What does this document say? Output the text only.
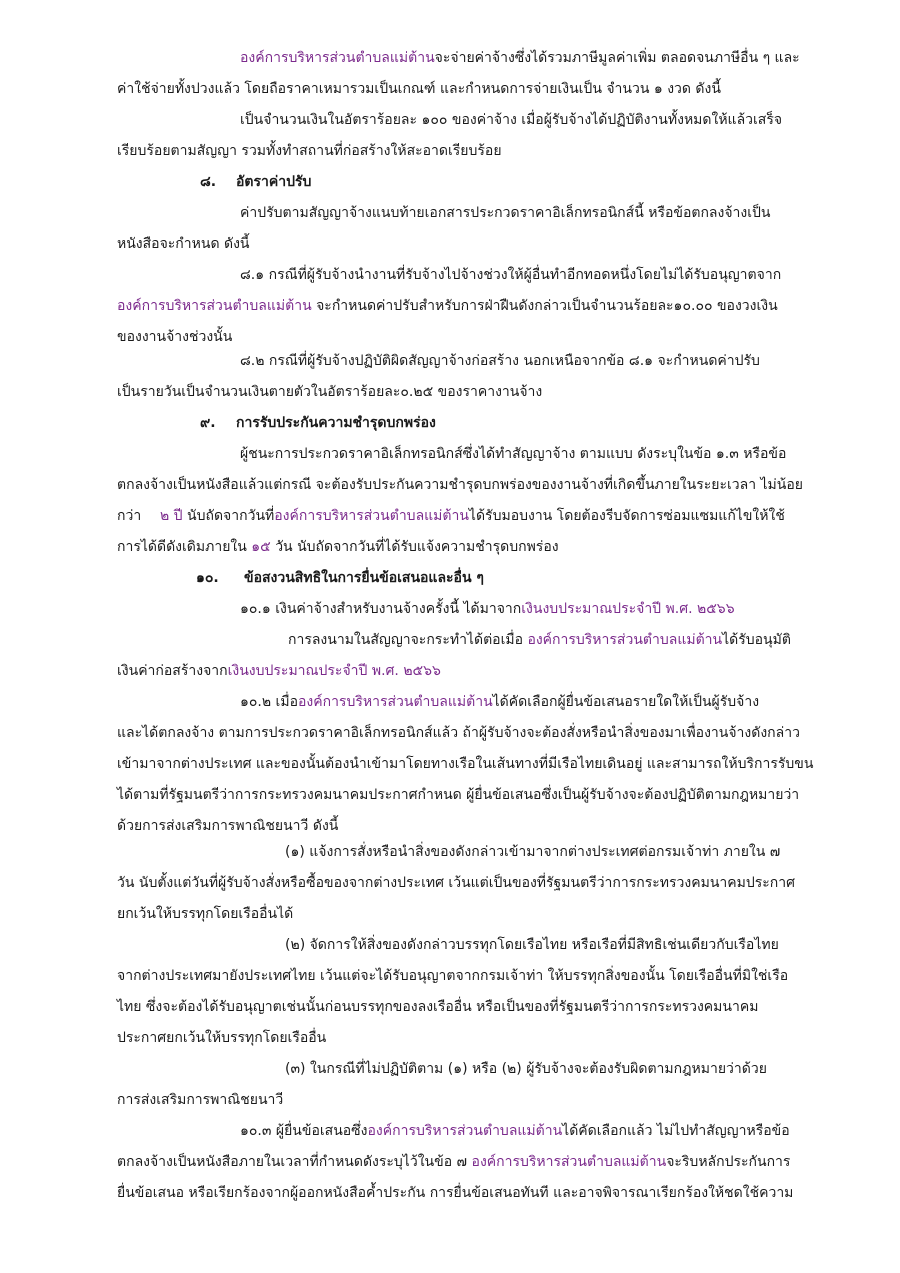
องค์การบริหารส่วนตำบลแม่ต้านจะจ่ายค่าจ้างซึ่งได้รวมภาษีมูลค่าเพิ่ม ตลอดจนภาษีอื่น ๆ และ

ค่าใช้จ่ายทั้งปวงแล้ว โดยถือราคาเหมารวมเป็นเกณฑ์ และกำหนดการจ่ายเงินเป็น จำนวน ๑ งวด ดังนี้

เป็นจำนวนเงินในอัตราร้อยละ ๑๐๐ ของค่าจ้าง เมื่อผู้รับจ้างได้ปฏิบัติงานทั้งหมดให้แล้วเสร็จ

เรียบร้อยตามสัญญา รวมทั้งทำสถานที่ก่อสร้างให้สะอาดเรียบร้อย

๘. อัตราค่าปรับ

ค่าปรับตามสัญญาจ้างแนบท้ายเอกสารประกวดราคาอิเล็กทรอนิกส์นี้ หรือข้อตกลงจ้างเป็น

หนังสือจะกำหนด ดังนี้

๘.๑ กรณีที่ผู้รับจ้างนำงานที่รับจ้างไปจ้างช่วงให้ผู้อื่นทำอีกทอดหนึ่งโดยไม่ได้รับอนุญาตจาก

องค์การบริหารส่วนตำบลแม่ต้าน จะกำหนดค่าปรับสำหรับการฝ่าฝืนดังกล่าวเป็นจำนวนร้อยละ๑๐.๐๐ ของวงเงิน

ของงานจ้างช่วงนั้น

๘.๒ กรณีที่ผู้รับจ้างปฏิบัติผิดสัญญาจ้างก่อสร้าง นอกเหนือจากข้อ ๘.๑ จะกำหนดค่าปรับ

เป็นรายวันเป็นจำนวนเงินตายตัวในอัตราร้อยละ๐.๒๕ ของราคางานจ้าง

๙. การรับประกันความชำรุดบกพร่อง

ผู้ชนะการประกวดราคาอิเล็กทรอนิกส์ซึ่งได้ทำสัญญาจ้าง ตามแบบ ดังระบุในข้อ ๑.๓ หรือข้อ

ตกลงจ้างเป็นหนังสือแล้วแต่กรณี จะต้องรับประกันความชำรุดบกพร่องของงานจ้างที่เกิดขึ้นภายในระยะเวลา ไม่น้อย

กว่า ๒ ปี นับถัดจากวันที่องค์การบริหารส่วนตำบลแม่ต้านได้รับมอบงาน โดยต้องรีบจัดการซ่อมแซมแก้ไขให้ใช้

การได้ดีดังเดิมภายใน ๑๕ วัน นับถัดจากวันที่ได้รับแจ้งความชำรุดบกพร่อง

๑๐. ข้อสงวนสิทธิในการยื่นข้อเสนอและอื่น ๆ

๑๐.๑ เงินค่าจ้างสำหรับงานจ้างครั้งนี้ ได้มาจากเงินงบประมาณประจำปี พ.ศ. ๒๕๖๖

การลงนามในสัญญาจะกระทำได้ต่อเมื่อ องค์การบริหารส่วนตำบลแม่ต้านได้รับอนุมัติ

เงินค่าก่อสร้างจากเงินงบประมาณประจำปี พ.ศ. ๒๕๖๖

๑๐.๒ เมื่อองค์การบริหารส่วนตำบลแม่ต้านได้คัดเลือกผู้ยื่นข้อเสนอรายใดให้เป็นผู้รับจ้าง

และได้ตกลงจ้าง ตามการประกวดราคาอิเล็กทรอนิกส์แล้ว ถ้าผู้รับจ้างจะต้องสั่งหรือนำสิ่งของมาเพื่องานจ้างดังกล่าว

เข้ามาจากต่างประเทศ และของนั้นต้องนำเข้ามาโดยทางเรือในเส้นทางที่มีเรือไทยเดินอยู่ และสามารถให้บริการรับขน

ได้ตามที่รัฐมนตรีว่าการกระทรวงคมนาคมประกาศกำหนด ผู้ยื่นข้อเสนอซึ่งเป็นผู้รับจ้างจะต้องปฏิบัติตามกฎหมายว่า

ด้วยการส่งเสริมการพาณิชยนาวี ดังนี้

(๑) แจ้งการสั่งหรือนำสิ่งของดังกล่าวเข้ามาจากต่างประเทศต่อกรมเจ้าท่า ภายใน ๗

วัน นับตั้งแต่วันที่ผู้รับจ้างสั่งหรือซื้อของจากต่างประเทศ เว้นแต่เป็นของที่รัฐมนตรีว่าการกระทรวงคมนาคมประกาศ

ยกเว้นให้บรรทุกโดยเรืออื่นได้

(๒) จัดการให้สิ่งของดังกล่าวบรรทุกโดยเรือไทย หรือเรือที่มีสิทธิเช่นเดียวกับเรือไทย

จากต่างประเทศมายังประเทศไทย เว้นแต่จะได้รับอนุญาตจากกรมเจ้าท่า ให้บรรทุกสิ่งของนั้น โดยเรืออื่นที่มิใช่เรือ

ไทย ซึ่งจะต้องได้รับอนุญาตเช่นนั้นก่อนบรรทุกของลงเรืออื่น หรือเป็นของที่รัฐมนตรีว่าการกระทรวงคมนาคม

ประกาศยกเว้นให้บรรทุกโดยเรืออื่น

(๓) ในกรณีที่ไม่ปฏิบัติตาม (๑) หรือ (๒) ผู้รับจ้างจะต้องรับผิดตามกฎหมายว่าด้วย

การส่งเสริมการพาณิชยนาวี

๑๐.๓ ผู้ยื่นข้อเสนอซึ่งองค์การบริหารส่วนตำบลแม่ต้านได้คัดเลือกแล้ว ไม่ไปทำสัญญาหรือข้อ

ตกลงจ้างเป็นหนังสือภายในเวลาที่กำหนดดังระบุไว้ในข้อ ๗ องค์การบริหารส่วนตำบลแม่ต้านจะริบหลักประกันการ

ยื่นข้อเสนอ หรือเรียกร้องจากผู้ออกหนังสือค้ำประกัน การยื่นข้อเสนอทันที และอาจพิจารณาเรียกร้องให้ชดใช้ความ
